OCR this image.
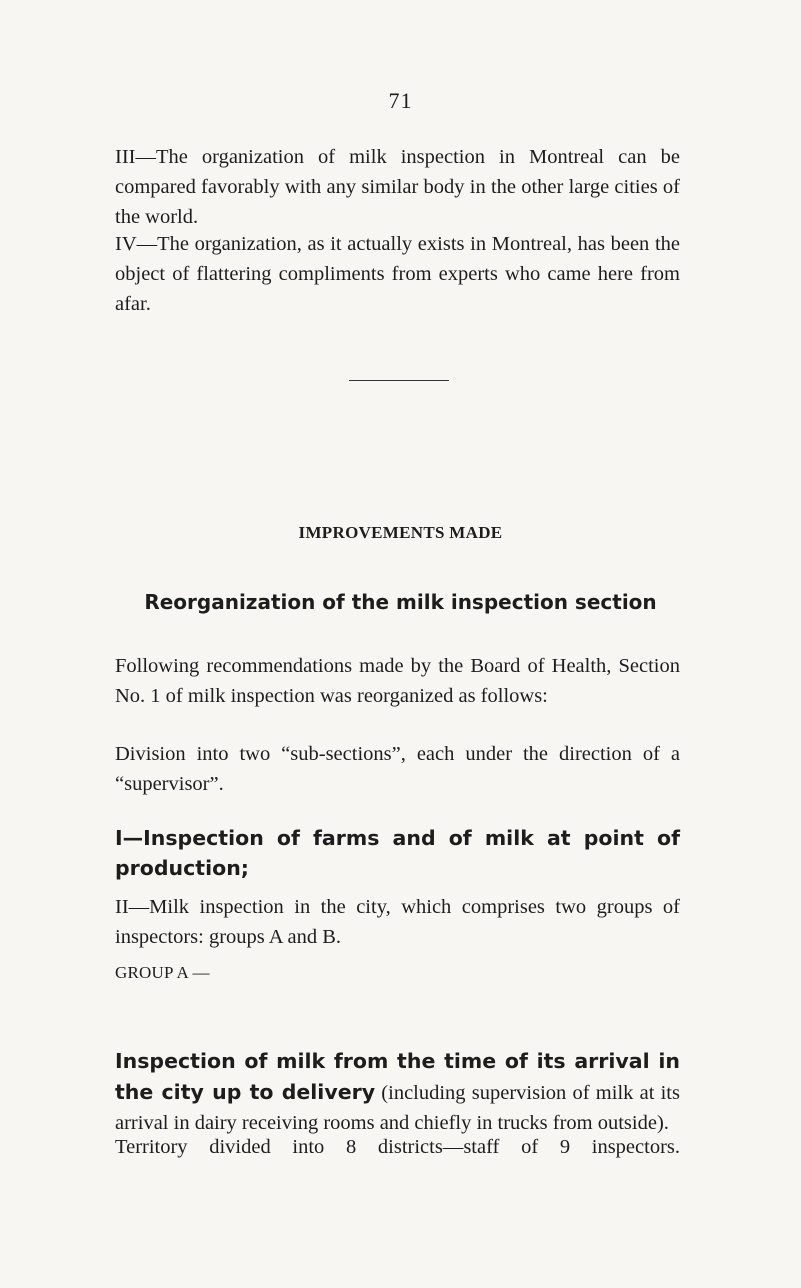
71

III—The organization of milk inspection in Montreal can be compared favorably with any similar body in the other large cities of the world.

IV—The organization, as it actually exists in Montreal, has been the object of flattering compliments from experts who came here from afar.

IMPROVEMENTS MADE
Reorganization of the milk inspection section

Following recommendations made by the Board of Health, Section No. 1 of milk inspection was reorganized as follows:

Division into two “sub-sections”, each under the direction of a “supervisor”.

I—Inspection of farms and of milk at point of production;

II—Milk inspection in the city, which comprises two groups of inspectors: groups A and B.

GROUP A —

Inspection of milk from the time of its arrival in the city up to delivery (including supervision of milk at its arrival in dairy receiving rooms and chiefly in trucks from outside).

Territory divided into 8 districts—staff of 9 inspectors.
